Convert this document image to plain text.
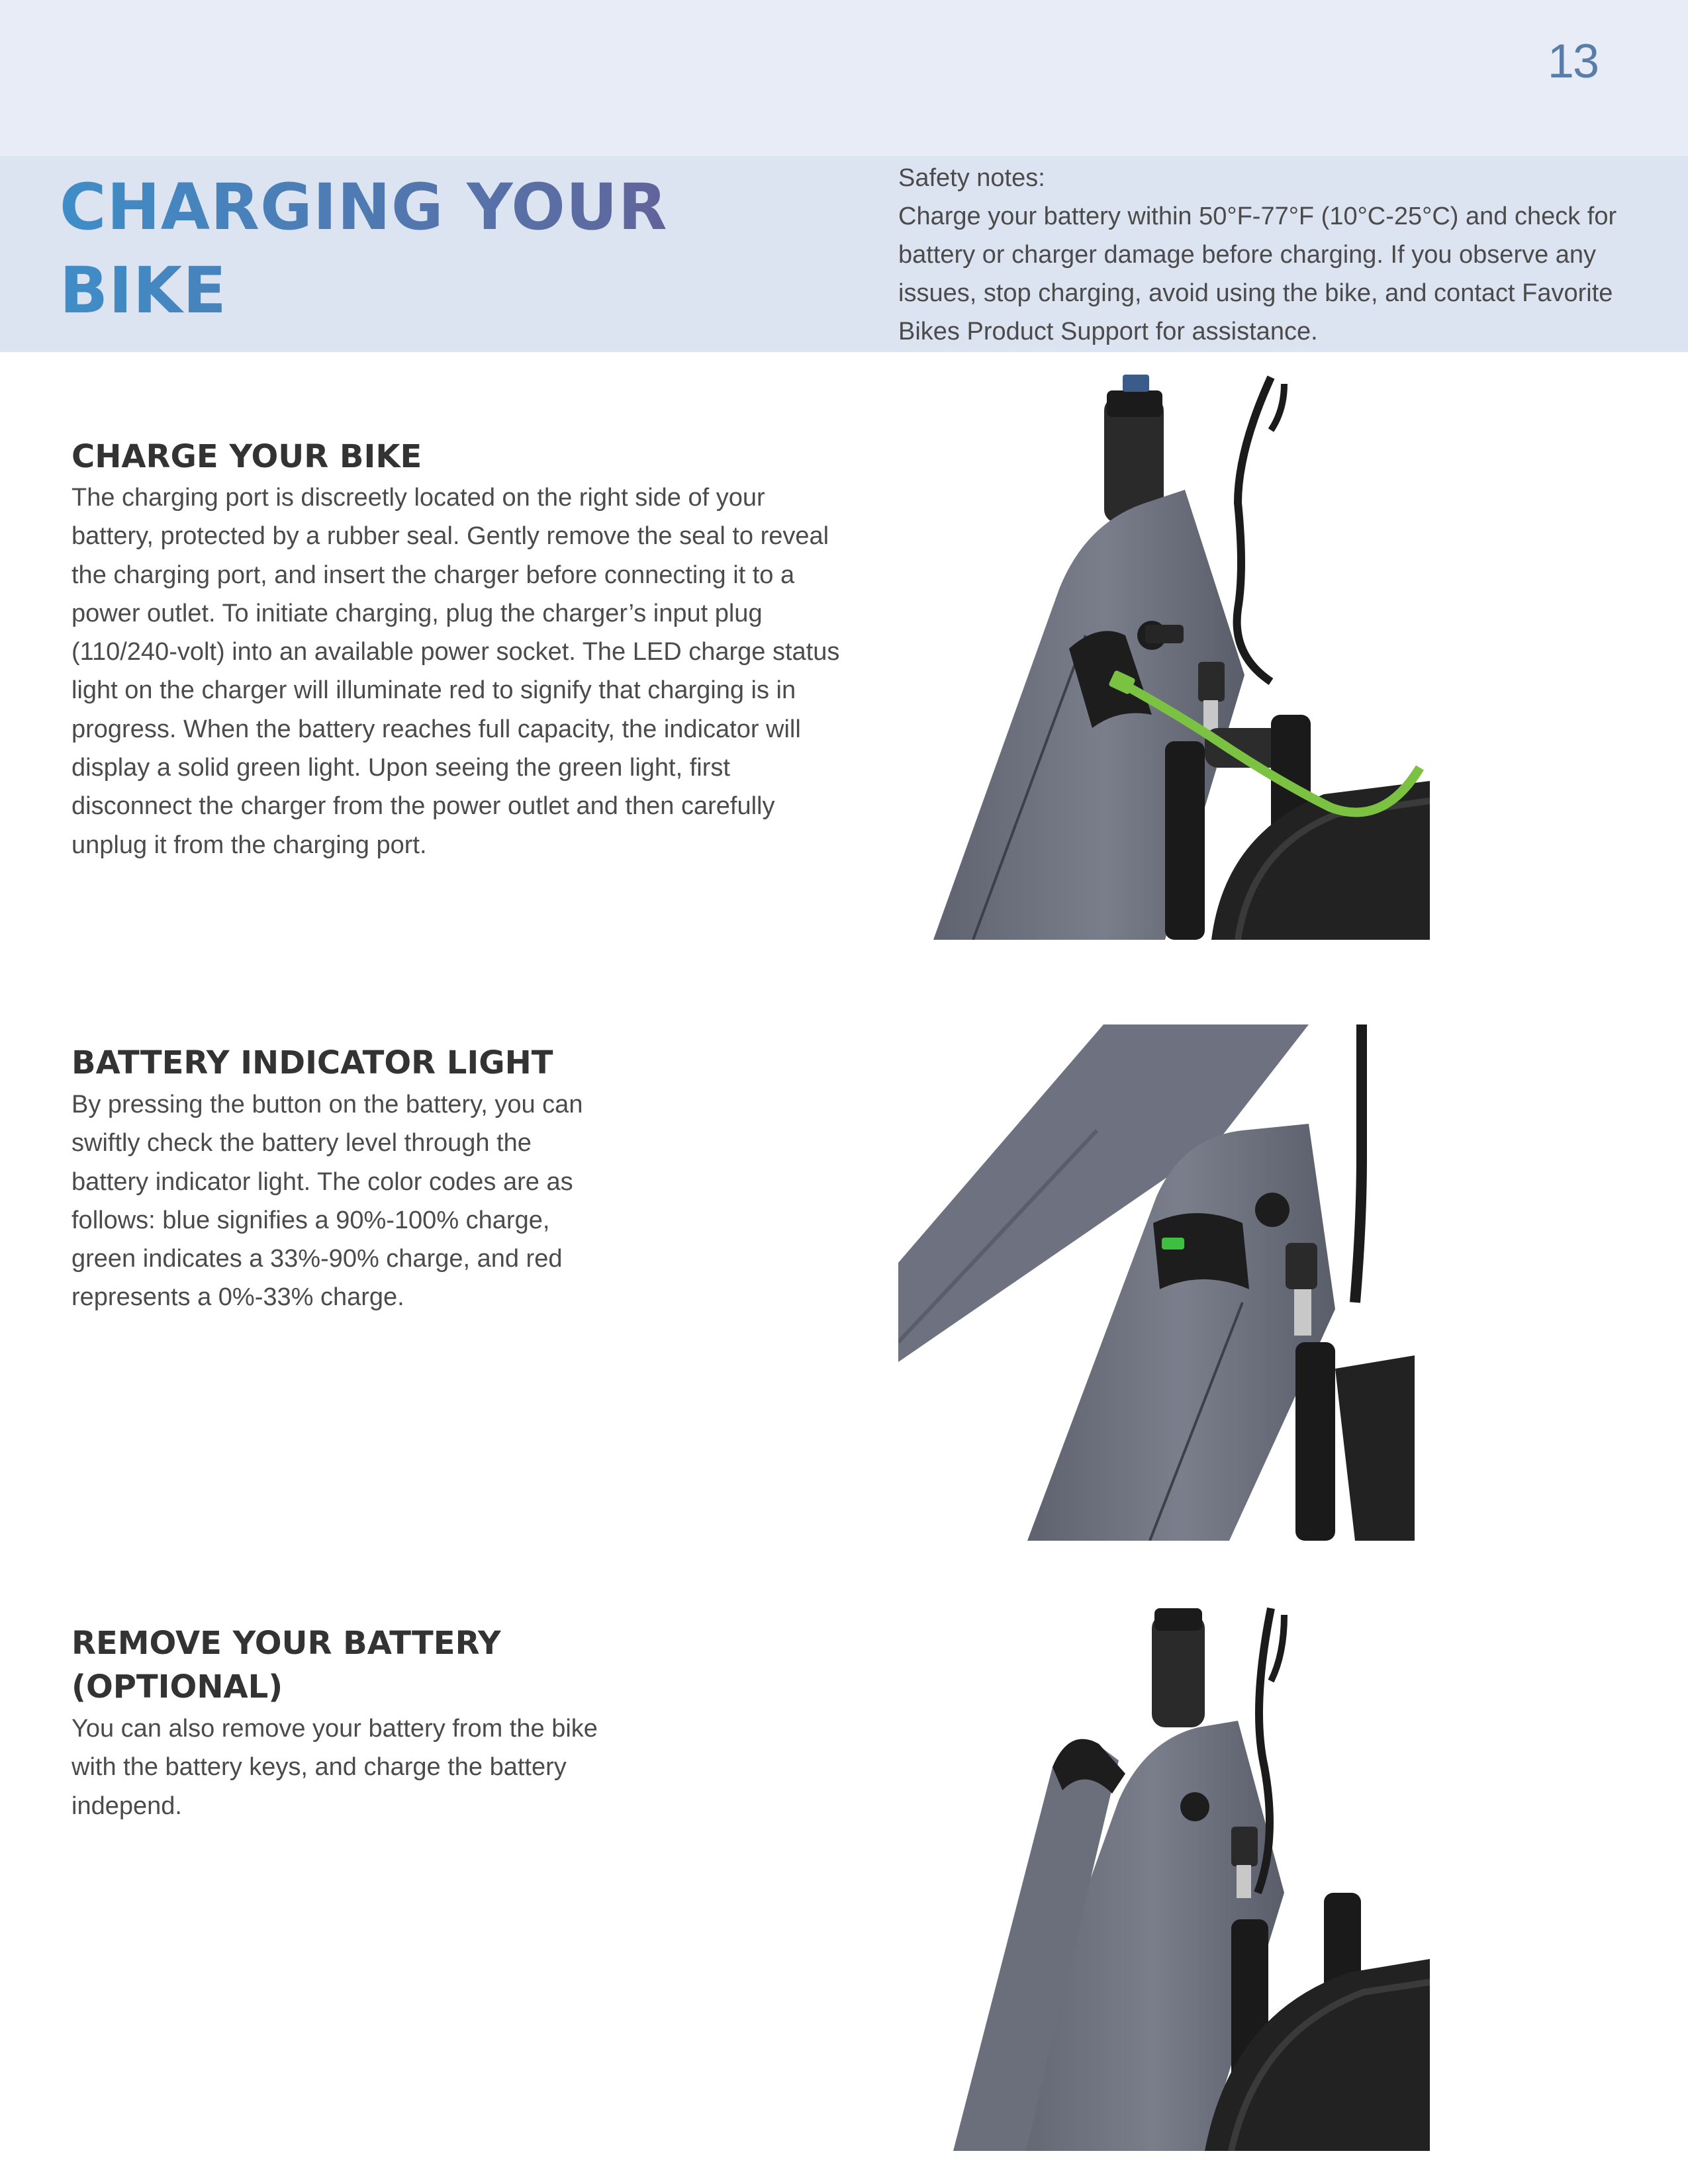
13
CHARGING YOUR BIKE

Safety notes:

Charge your battery within 50°F-77°F (10°C-25°C) and check for battery or charger damage before charging. If you observe any issues, stop charging, avoid using the bike, and contact Favorite Bikes Product Support for assistance.

CHARGE YOUR BIKE

The charging port is discreetly located on the right side of your battery, protected by a rubber seal. Gently remove the seal to reveal the charging port, and insert the charger before connecting it to a power outlet. To initiate charging, plug the charger’s input plug (110/240-volt) into an available power socket. The LED charge status light on the charger will illuminate red to signify that charging is in progress. When the battery reaches full capacity, the indicator will display a solid green light. Upon seeing the green light, first disconnect the charger from the power outlet and then carefully unplug it from the charging port.

BATTERY INDICATOR LIGHT

By pressing the button on the battery, you can swiftly check the battery level through the battery indicator light. The color codes are as follows: blue signifies a 90%-100% charge, green indicates a 33%-90% charge, and red represents a 0%-33% charge.

REMOVE YOUR BATTERY (OPTIONAL)

You can also remove your battery from the bike with the battery keys, and charge the battery independ.
